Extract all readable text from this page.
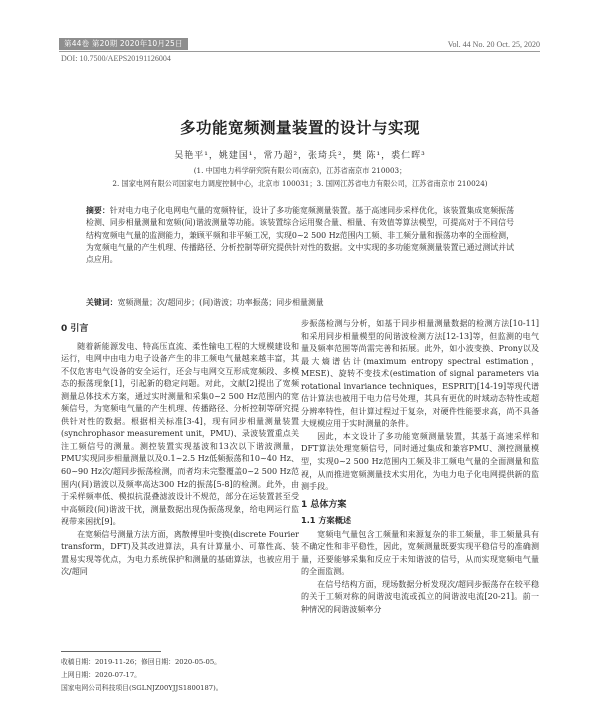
第44卷 第20期 2020年10月25日	Vol. 44 No. 20 Oct. 25, 2020
DOI: 10.7500/AEPS20191126004
多功能宽频测量装置的设计与实现
吴艳平¹，姚建国¹，常乃超²，张琦兵²，樊 陈¹，裘仁晖³
(1. 中国电力科学研究院有限公司(南京)，江苏省南京市 210003；
2. 国家电网有限公司国家电力调度控制中心，北京市 100031；3. 国网江苏省电力有限公司，江苏省南京市 210024)
摘要：针对电力电子化电网电气量的宽频特征，设计了多功能宽频测量装置。基于高速同步采样优化，该装置集成宽频振荡检测、同步相量测量和宽频(间)谐波测量等功能。该装置综合运用聚合量、相量、有效值等算法模型，可提高对于不同信号结构宽频电气量的监测能力，兼顾平频和非平频工况，实现0~2 500 Hz范围内工频、非工频分量和振荡功率的全面检测，为宽频电气量的产生机理、传播路径、分析控制等研究提供针对性的数据。文中实现的多功能宽频测量装置已通过测试并试点应用。
关键词：宽频测量；次/超同步；(间)谐波；功率振荡；同步相量测量

0 引言

随着新能源发电、特高压直流、柔性输电工程的大规模建设和运行，电网中由电力电子设备产生的非工频电气量越来越丰富，其不仅危害电气设备的安全运行，还会与电网交互形成宽频段、多模态的振荡现象[1]，引起新的稳定问题。对此，文献[2]提出了宽频测量总体技术方案，通过实时测量和采集0~2 500 Hz范围内的宽频信号，为宽频电气量的产生机理、传播路径、分析控制等研究提供针对性的数据。根据相关标准[3-4]，现有同步相量测量装置(synchrophasor measurement unit，PMU)、录波装置重点关注工频信号的测量。测控装置实现基波和13次以下谐波测量，PMU实现同步相量测量以及0.1~2.5 Hz低频振荡和10~40 Hz、60~90 Hz次/超同步振荡检测，而者均未完整覆盖0~2 500 Hz范围内(间)谐波以及频率高达300 Hz的振荡[5-8]的检测。此外，由于采样频率低、模拟抗混叠滤波设计不规范，部分在运装置甚至受中高频段(间)谐波干扰，测量数据出现伪振荡现象，给电网运行监视带来困扰[9]。

在宽频信号测量方法方面，离散傅里叶变换(discrete Fourier transform，DFT)及其改进算法，具有计算量小、可靠性高、装置易实现等优点，为电力系统保护和测量的基础算法，也被应用于次/超同

步振荡检测与分析，如基于同步相量测量数据的检测方法[10-11]和采用同步相量模型的间谐波检测方法[12-13]等，但监测的电气量及频率范围等尚需完善和拓展。此外，如小波变换、Prony以及最大熵谱估计(maximum entropy spectral estimation，MESE)、旋转不变技术(estimation of signal parameters via rotational invariance techniques，ESPRIT)[14-19]等现代谱估计算法也被用于电力信号处理，其具有更优的时域动态特性或超分辨率特性，但计算过程过于复杂，对硬件性能要求高，尚不具备大规模应用于实时测量的条件。

因此，本文设计了多功能宽频测量装置，其基于高速采样和DFT算法处理宽频信号，同时通过集成和兼容PMU、测控测量模型，实现0~2 500 Hz范围内工频及非工频电气量的全面测量和监视，从而推进宽频测量技术实用化，为电力电子化电网提供新的监测手段。

1 总体方案

1.1 方案概述

宽频电气量包含工频量和来源复杂的非工频量，非工频量具有不确定性和非平稳性，因此，宽频测量既要实现平稳信号的准确测量，还要能够采集和反应于未知谐波的信号，从而实现宽频电气量的全面监测。

在信号结构方面，现场数据分析发现次/超同步振荡存在较平稳的关于工频对称的间谐波电流或孤立的间谐波电流[20-21]。前一种情况的间谐波频率分

收稿日期：2019-11-26；修回日期：2020-05-05。
上网日期：2020-07-17。
国家电网公司科技项目(SGLNJZ00YJJS1800187)。
